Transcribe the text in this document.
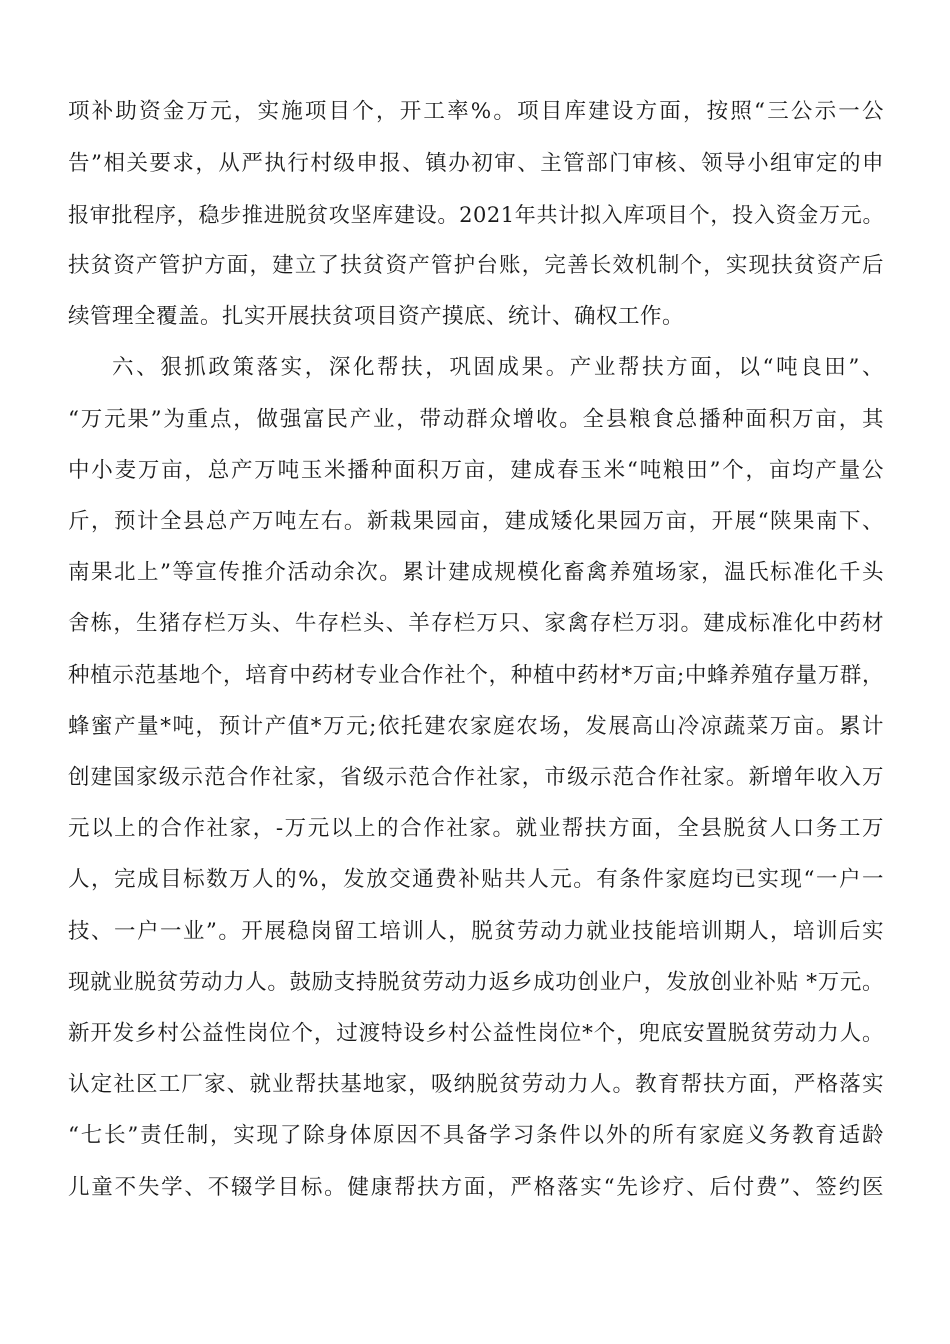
项补助资金万元，实施项目个，开工率%。项目库建设方面，按照“三公示一公
告”相关要求，从严执行村级申报、镇办初审、主管部门审核、领导小组审定的申
报审批程序，稳步推进脱贫攻坚库建设。2021年共计拟入库项目个，投入资金万元。
扶贫资产管护方面，建立了扶贫资产管护台账，完善长效机制个，实现扶贫资产后
续管理全覆盖。扎实开展扶贫项目资产摸底、统计、确权工作。
六、狠抓政策落实，深化帮扶，巩固成果。产业帮扶方面，以“吨良田”、
“万元果”为重点，做强富民产业，带动群众增收。全县粮食总播种面积万亩，其
中小麦万亩，总产万吨玉米播种面积万亩，建成春玉米“吨粮田”个，亩均产量公
斤，预计全县总产万吨左右。新栽果园亩，建成矮化果园万亩，开展“陕果南下、
南果北上”等宣传推介活动余次。累计建成规模化畜禽养殖场家，温氏标准化千头
舍栋，生猪存栏万头、牛存栏头、羊存栏万只、家禽存栏万羽。建成标准化中药材
种植示范基地个，培育中药材专业合作社个，种植中药材*万亩;中蜂养殖存量万群，
蜂蜜产量*吨，预计产值*万元;依托建农家庭农场，发展高山冷凉蔬菜万亩。累计
创建国家级示范合作社家，省级示范合作社家，市级示范合作社家。新增年收入万
元以上的合作社家，-万元以上的合作社家。就业帮扶方面，全县脱贫人口务工万
人，完成目标数万人的%，发放交通费补贴共人元。有条件家庭均已实现“一户一
技、一户一业”。开展稳岗留工培训人，脱贫劳动力就业技能培训期人，培训后实
现就业脱贫劳动力人。鼓励支持脱贫劳动力返乡成功创业户，发放创业补贴 *万元。
新开发乡村公益性岗位个，过渡特设乡村公益性岗位*个，兜底安置脱贫劳动力人。
认定社区工厂家、就业帮扶基地家，吸纳脱贫劳动力人。教育帮扶方面，严格落实
“七长”责任制，实现了除身体原因不具备学习条件以外的所有家庭义务教育适龄
儿童不失学、不辍学目标。健康帮扶方面，严格落实“先诊疗、后付费”、签约医
